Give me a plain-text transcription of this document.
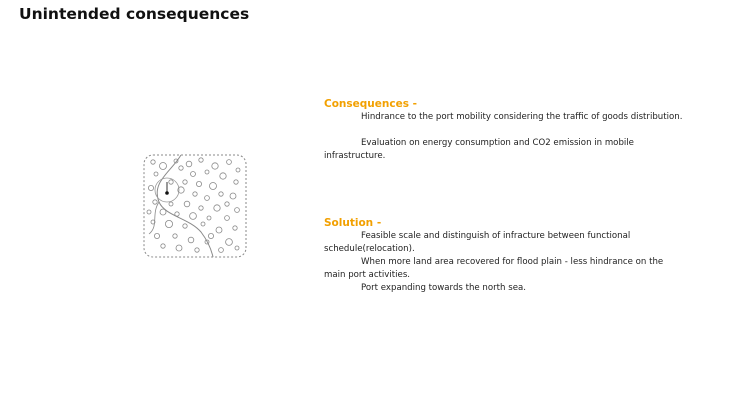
Unintended consequences
Consequences -

Hindrance to the port mobility considering the traffic of goods distribution.

Evaluation on energy consumption and CO2 emission in mobile infrastructure.

Solution -

Feasible scale and distinguish of infracture between functional schedule(relocation).

When more land area recovered for flood plain - less hindrance on the main port activities.

Port expanding towards the north sea.
